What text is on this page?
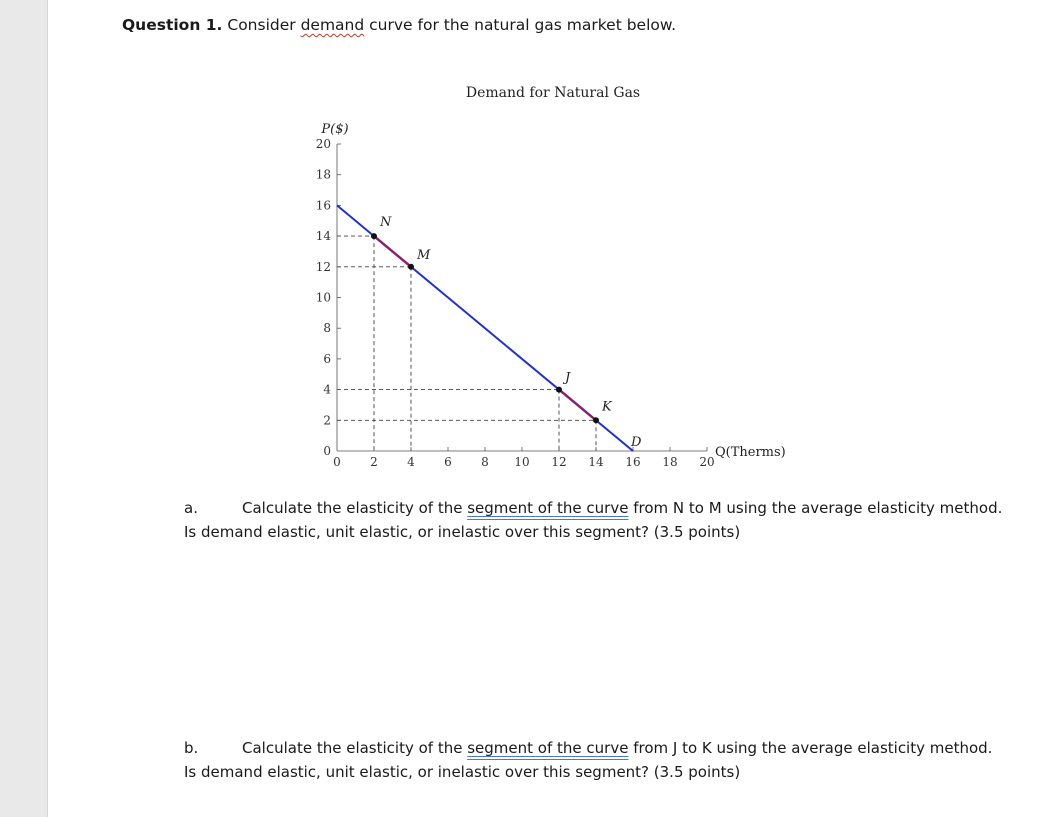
Question 1. Consider demand curve for the natural gas market below.
Demand for Natural Gas
P($)
Q(Therms)
0
2
4
6
8
10
12
14
16
18
20
0 2 4 6 8 10 12 14 16 18 20
N
M
J
K
D
a.	Calculate the elasticity of the segment of the curve from N to M using the average elasticity method. Is demand elastic, unit elastic, or inelastic over this segment? (3.5 points)
b.	Calculate the elasticity of the segment of the curve from J to K using the average elasticity method. Is demand elastic, unit elastic, or inelastic over this segment? (3.5 points)
